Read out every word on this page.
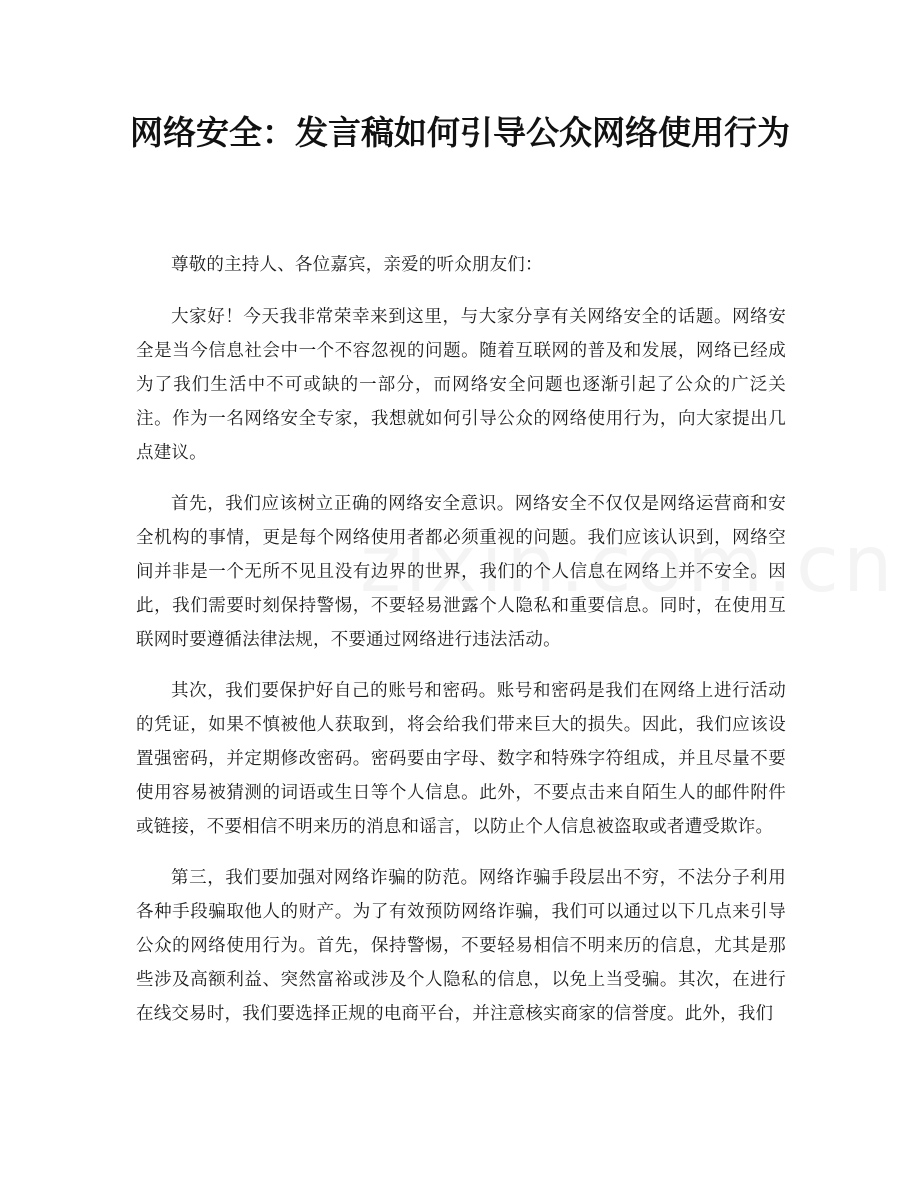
网络安全：发言稿如何引导公众网络使用行为

尊敬的主持人、各位嘉宾，亲爱的听众朋友们：

大家好！今天我非常荣幸来到这里，与大家分享有关网络安全的话题。网络安全是当今信息社会中一个不容忽视的问题。随着互联网的普及和发展，网络已经成为了我们生活中不可或缺的一部分，而网络安全问题也逐渐引起了公众的广泛关注。作为一名网络安全专家，我想就如何引导公众的网络使用行为，向大家提出几点建议。

首先，我们应该树立正确的网络安全意识。网络安全不仅仅是网络运营商和安全机构的事情，更是每个网络使用者都必须重视的问题。我们应该认识到，网络空间并非是一个无所不见且没有边界的世界，我们的个人信息在网络上并不安全。因此，我们需要时刻保持警惕，不要轻易泄露个人隐私和重要信息。同时，在使用互联网时要遵循法律法规，不要通过网络进行违法活动。

其次，我们要保护好自己的账号和密码。账号和密码是我们在网络上进行活动的凭证，如果不慎被他人获取到，将会给我们带来巨大的损失。因此，我们应该设置强密码，并定期修改密码。密码要由字母、数字和特殊字符组成，并且尽量不要使用容易被猜测的词语或生日等个人信息。此外，不要点击来自陌生人的邮件附件或链接，不要相信不明来历的消息和谣言，以防止个人信息被盗取或者遭受欺诈。

第三，我们要加强对网络诈骗的防范。网络诈骗手段层出不穷，不法分子利用各种手段骗取他人的财产。为了有效预防网络诈骗，我们可以通过以下几点来引导公众的网络使用行为。首先，保持警惕，不要轻易相信不明来历的信息，尤其是那些涉及高额利益、突然富裕或涉及个人隐私的信息，以免上当受骗。其次，在进行在线交易时，我们要选择正规的电商平台，并注意核实商家的信誉度。此外，我们
